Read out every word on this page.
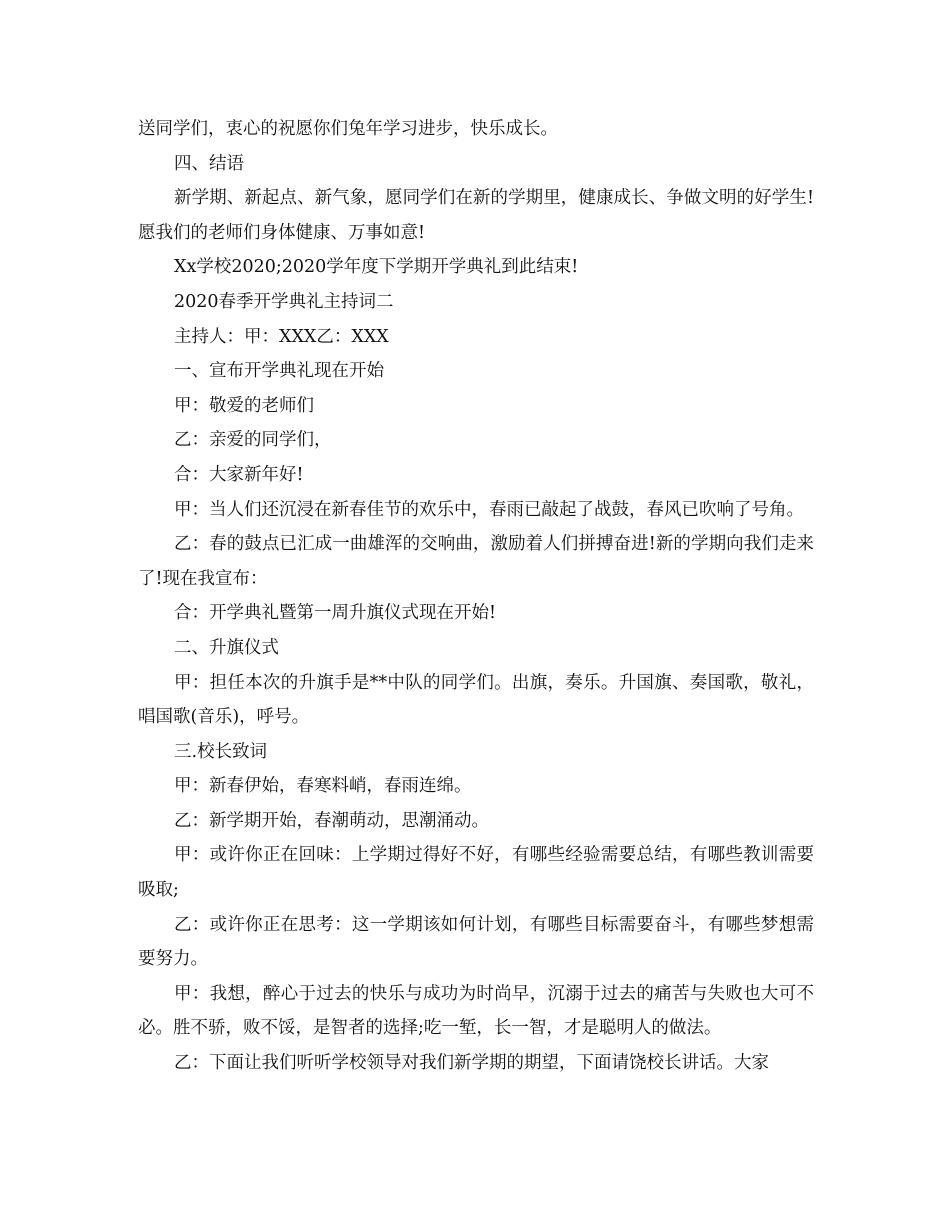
送同学们，衷心的祝愿你们兔年学习进步，快乐成长。

四、结语

新学期、新起点、新气象，愿同学们在新的学期里，健康成长、争做文明的好学生!愿我们的老师们身体健康、万事如意!

Xx学校2020;2020学年度下学期开学典礼到此结束!

2020春季开学典礼主持词二

主持人：甲：XXX乙：XXX

一、宣布开学典礼现在开始

甲：敬爱的老师们

乙：亲爱的同学们，

合：大家新年好!

甲：当人们还沉浸在新春佳节的欢乐中，春雨已敲起了战鼓，春风已吹响了号角。

乙：春的鼓点已汇成一曲雄浑的交响曲，激励着人们拼搏奋进!新的学期向我们走来了!现在我宣布：

合：开学典礼暨第一周升旗仪式现在开始!

二、升旗仪式

甲：担任本次的升旗手是**中队的同学们。出旗，奏乐。升国旗、奏国歌，敬礼，唱国歌(音乐)，呼号。

三.校长致词

甲：新春伊始，春寒料峭，春雨连绵。

乙：新学期开始，春潮萌动，思潮涌动。

甲：或许你正在回味：上学期过得好不好，有哪些经验需要总结，有哪些教训需要吸取;

乙：或许你正在思考：这一学期该如何计划，有哪些目标需要奋斗，有哪些梦想需要努力。

甲：我想，醉心于过去的快乐与成功为时尚早，沉溺于过去的痛苦与失败也大可不必。胜不骄，败不馁，是智者的选择;吃一堑，长一智，才是聪明人的做法。

乙：下面让我们听听学校领导对我们新学期的期望，下面请饶校长讲话。大家
